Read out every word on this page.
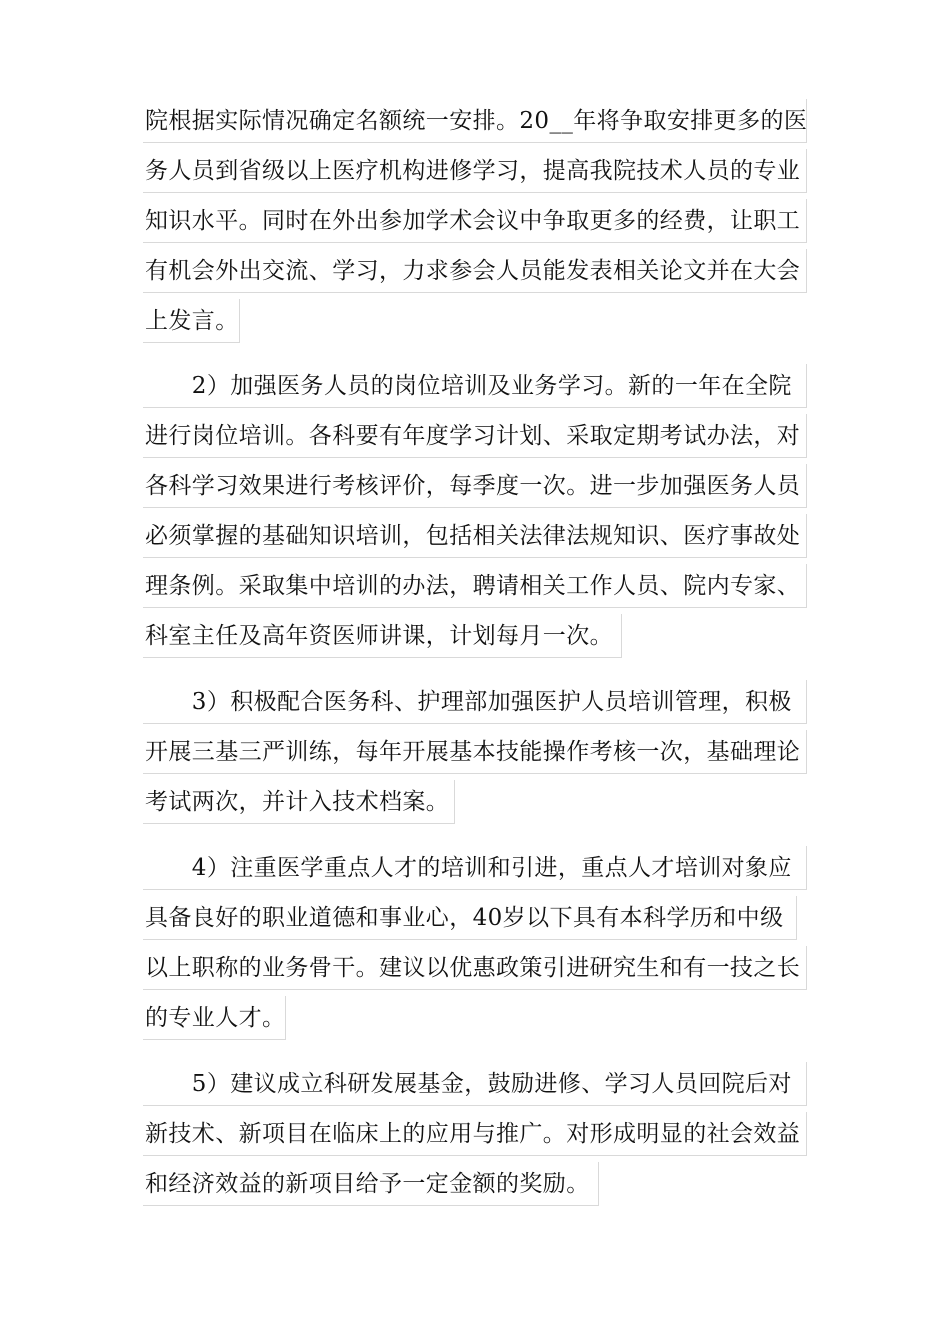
院根据实际情况确定名额统一安排。20__年将争取安排更多的医
务人员到省级以上医疗机构进修学习，提高我院技术人员的专业
知识水平。同时在外出参加学术会议中争取更多的经费，让职工
有机会外出交流、学习，力求参会人员能发表相关论文并在大会
上发言。
　　2）加强医务人员的岗位培训及业务学习。新的一年在全院
进行岗位培训。各科要有年度学习计划、采取定期考试办法，对
各科学习效果进行考核评价，每季度一次。进一步加强医务人员
必须掌握的基础知识培训，包括相关法律法规知识、医疗事故处
理条例。采取集中培训的办法，聘请相关工作人员、院内专家、
科室主任及高年资医师讲课，计划每月一次。
　　3）积极配合医务科、护理部加强医护人员培训管理，积极
开展三基三严训练，每年开展基本技能操作考核一次，基础理论
考试两次，并计入技术档案。
　　4）注重医学重点人才的培训和引进，重点人才培训对象应
具备良好的职业道德和事业心，40岁以下具有本科学历和中级
以上职称的业务骨干。建议以优惠政策引进研究生和有一技之长
的专业人才。
　　5）建议成立科研发展基金，鼓励进修、学习人员回院后对
新技术、新项目在临床上的应用与推广。对形成明显的社会效益
和经济效益的新项目给予一定金额的奖励。
